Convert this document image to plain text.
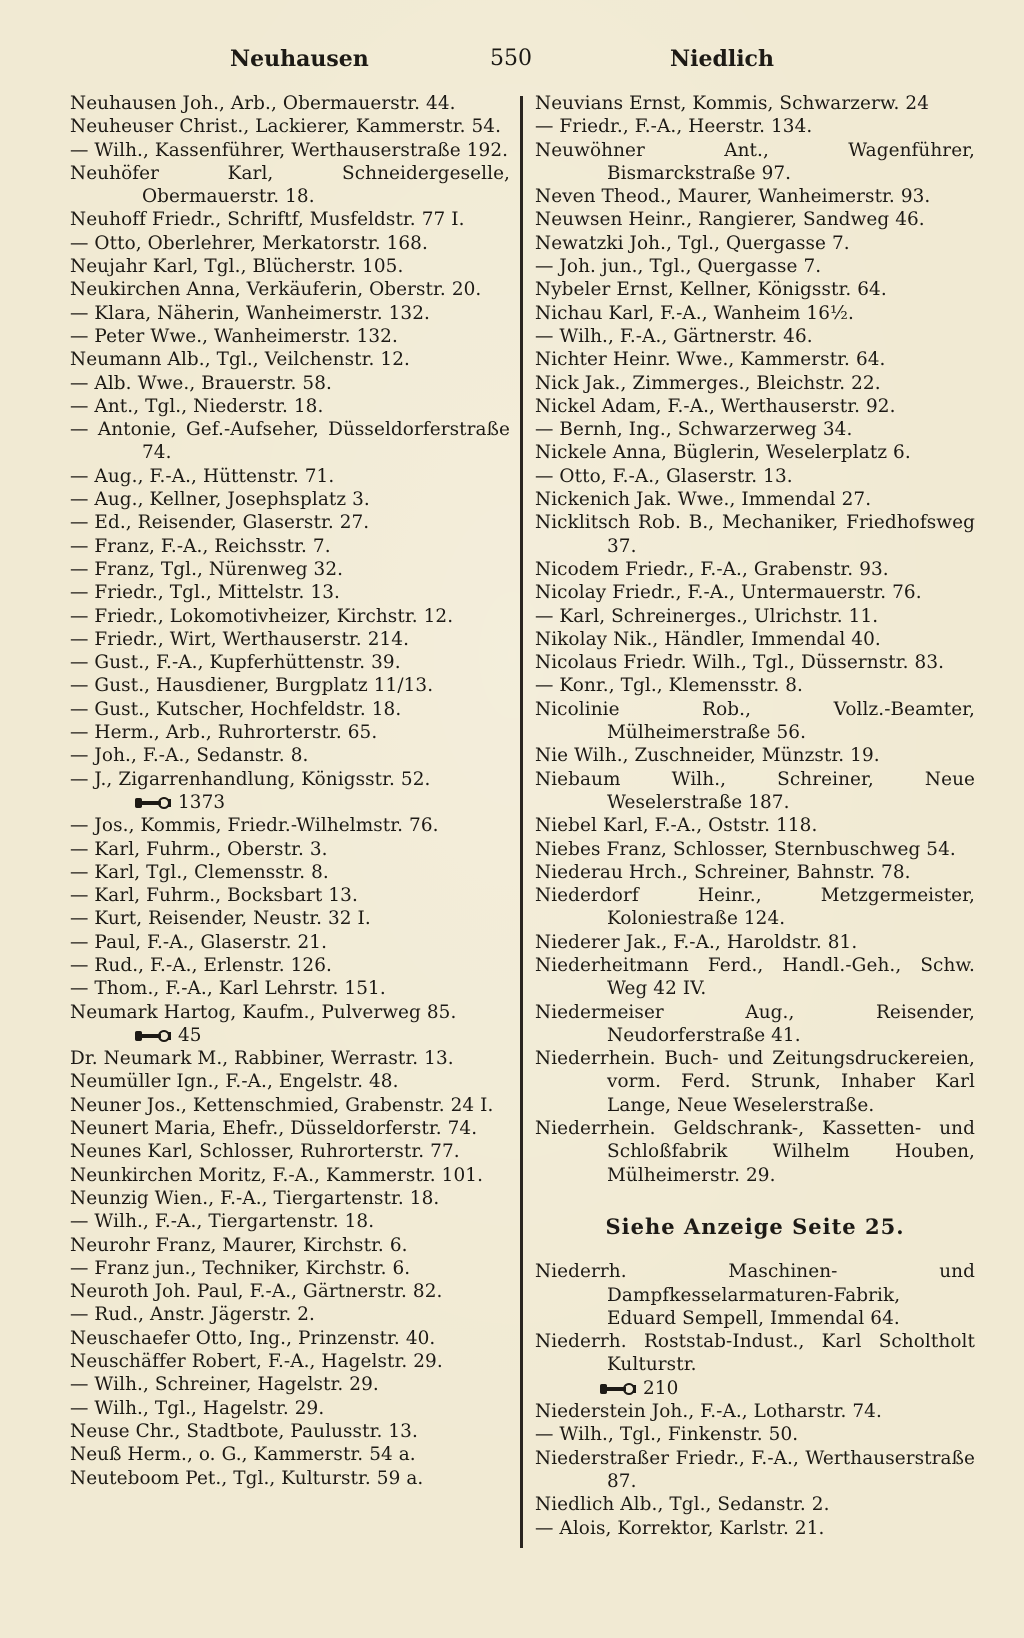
Neuhausen	550	Niedlich
Neuhausen Joh., Arb., Obermauerstr. 44.
Neuheuser Christ., Lackierer, Kammerstr. 54.
— Wilh., Kassenführer, Werthauserstraße 192.
Neuhöfer Karl, Schneidergeselle, Obermauerstr. 18.
Neuhoff Friedr., Schriftf, Musfeldstr. 77 I.
— Otto, Oberlehrer, Merkatorstr. 168.
Neujahr Karl, Tgl., Blücherstr. 105.
Neukirchen Anna, Verkäuferin, Oberstr. 20.
— Klara, Näherin, Wanheimerstr. 132.
— Peter Wwe., Wanheimerstr. 132.
Neumann Alb., Tgl., Veilchenstr. 12.
— Alb. Wwe., Brauerstr. 58.
— Ant., Tgl., Niederstr. 18.
— Antonie, Gef.-Aufseher, Düsseldorferstraße 74.
— Aug., F.-A., Hüttenstr. 71.
— Aug., Kellner, Josephsplatz 3.
— Ed., Reisender, Glaserstr. 27.
— Franz, F.-A., Reichsstr. 7.
— Franz, Tgl., Nürenweg 32.
— Friedr., Tgl., Mittelstr. 13.
— Friedr., Lokomotivheizer, Kirchstr. 12.
— Friedr., Wirt, Werthauserstr. 214.
— Gust., F.-A., Kupferhüttenstr. 39.
— Gust., Hausdiener, Burgplatz 11/13.
— Gust., Kutscher, Hochfeldstr. 18.
— Herm., Arb., Ruhrorterstr. 65.
— Joh., F.-A., Sedanstr. 8.
— J., Zigarrenhandlung, Königsstr. 52.
1373
— Jos., Kommis, Friedr.-Wilhelmstr. 76.
— Karl, Fuhrm., Oberstr. 3.
— Karl, Tgl., Clemensstr. 8.
— Karl, Fuhrm., Bocksbart 13.
— Kurt, Reisender, Neustr. 32 I.
— Paul, F.-A., Glaserstr. 21.
— Rud., F.-A., Erlenstr. 126.
— Thom., F.-A., Karl Lehrstr. 151.
Neumark Hartog, Kaufm., Pulverweg 85.
45
Dr. Neumark M., Rabbiner, Werrastr. 13.
Neumüller Ign., F.-A., Engelstr. 48.
Neuner Jos., Kettenschmied, Grabenstr. 24 I.
Neunert Maria, Ehefr., Düsseldorferstr. 74.
Neunes Karl, Schlosser, Ruhrorterstr. 77.
Neunkirchen Moritz, F.-A., Kammerstr. 101.
Neunzig Wien., F.-A., Tiergartenstr. 18.
— Wilh., F.-A., Tiergartenstr. 18.
Neurohr Franz, Maurer, Kirchstr. 6.
— Franz jun., Techniker, Kirchstr. 6.
Neuroth Joh. Paul, F.-A., Gärtnerstr. 82.
— Rud., Anstr. Jägerstr. 2.
Neuschaefer Otto, Ing., Prinzenstr. 40.
Neuschäffer Robert, F.-A., Hagelstr. 29.
— Wilh., Schreiner, Hagelstr. 29.
— Wilh., Tgl., Hagelstr. 29.
Neuse Chr., Stadtbote, Paulusstr. 13.
Neuß Herm., o. G., Kammerstr. 54 a.
Neuteboom Pet., Tgl., Kulturstr. 59 a.
Neuvians Ernst, Kommis, Schwarzerw. 24
— Friedr., F.-A., Heerstr. 134.
Neuwöhner Ant., Wagenführer, Bismarckstraße 97.
Neven Theod., Maurer, Wanheimerstr. 93.
Neuwsen Heinr., Rangierer, Sandweg 46.
Newatzki Joh., Tgl., Quergasse 7.
— Joh. jun., Tgl., Quergasse 7.
Nybeler Ernst, Kellner, Königsstr. 64.
Nichau Karl, F.-A., Wanheim 16½.
— Wilh., F.-A., Gärtnerstr. 46.
Nichter Heinr. Wwe., Kammerstr. 64.
Nick Jak., Zimmerges., Bleichstr. 22.
Nickel Adam, F.-A., Werthauserstr. 92.
— Bernh, Ing., Schwarzerweg 34.
Nickele Anna, Büglerin, Weselerplatz 6.
— Otto, F.-A., Glaserstr. 13.
Nickenich Jak. Wwe., Immendal 27.
Nicklitsch Rob. B., Mechaniker, Friedhofsweg 37.
Nicodem Friedr., F.-A., Grabenstr. 93.
Nicolay Friedr., F.-A., Untermauerstr. 76.
— Karl, Schreinerges., Ulrichstr. 11.
Nikolay Nik., Händler, Immendal 40.
Nicolaus Friedr. Wilh., Tgl., Düssernstr. 83.
— Konr., Tgl., Klemensstr. 8.
Nicolinie Rob., Vollz.-Beamter, Mülheimerstraße 56.
Nie Wilh., Zuschneider, Münzstr. 19.
Niebaum Wilh., Schreiner, Neue Weselerstraße 187.
Niebel Karl, F.-A., Oststr. 118.
Niebes Franz, Schlosser, Sternbuschweg 54.
Niederau Hrch., Schreiner, Bahnstr. 78.
Niederdorf Heinr., Metzgermeister, Koloniestraße 124.
Niederer Jak., F.-A., Haroldstr. 81.
Niederheitmann Ferd., Handl.-Geh., Schw. Weg 42 IV.
Niedermeiser Aug., Reisender, Neudorferstraße 41.
Niederrhein. Buch- und Zeitungsdruckereien, vorm. Ferd. Strunk, Inhaber Karl Lange, Neue Weselerstraße.
Niederrhein. Geldschrank-, Kassetten- und Schloßfabrik Wilhelm Houben, Mülheimerstr. 29.
Siehe Anzeige Seite 25.
Niederrh. Maschinen- und Dampfkesselarmaturen-Fabrik, Eduard Sempell, Immendal 64.
Niederrh. Roststab-Indust., Karl Scholtholt Kulturstr.
210
Niederstein Joh., F.-A., Lotharstr. 74.
— Wilh., Tgl., Finkenstr. 50.
Niederstraßer Friedr., F.-A., Werthauserstraße 87.
Niedlich Alb., Tgl., Sedanstr. 2.
— Alois, Korrektor, Karlstr. 21.
